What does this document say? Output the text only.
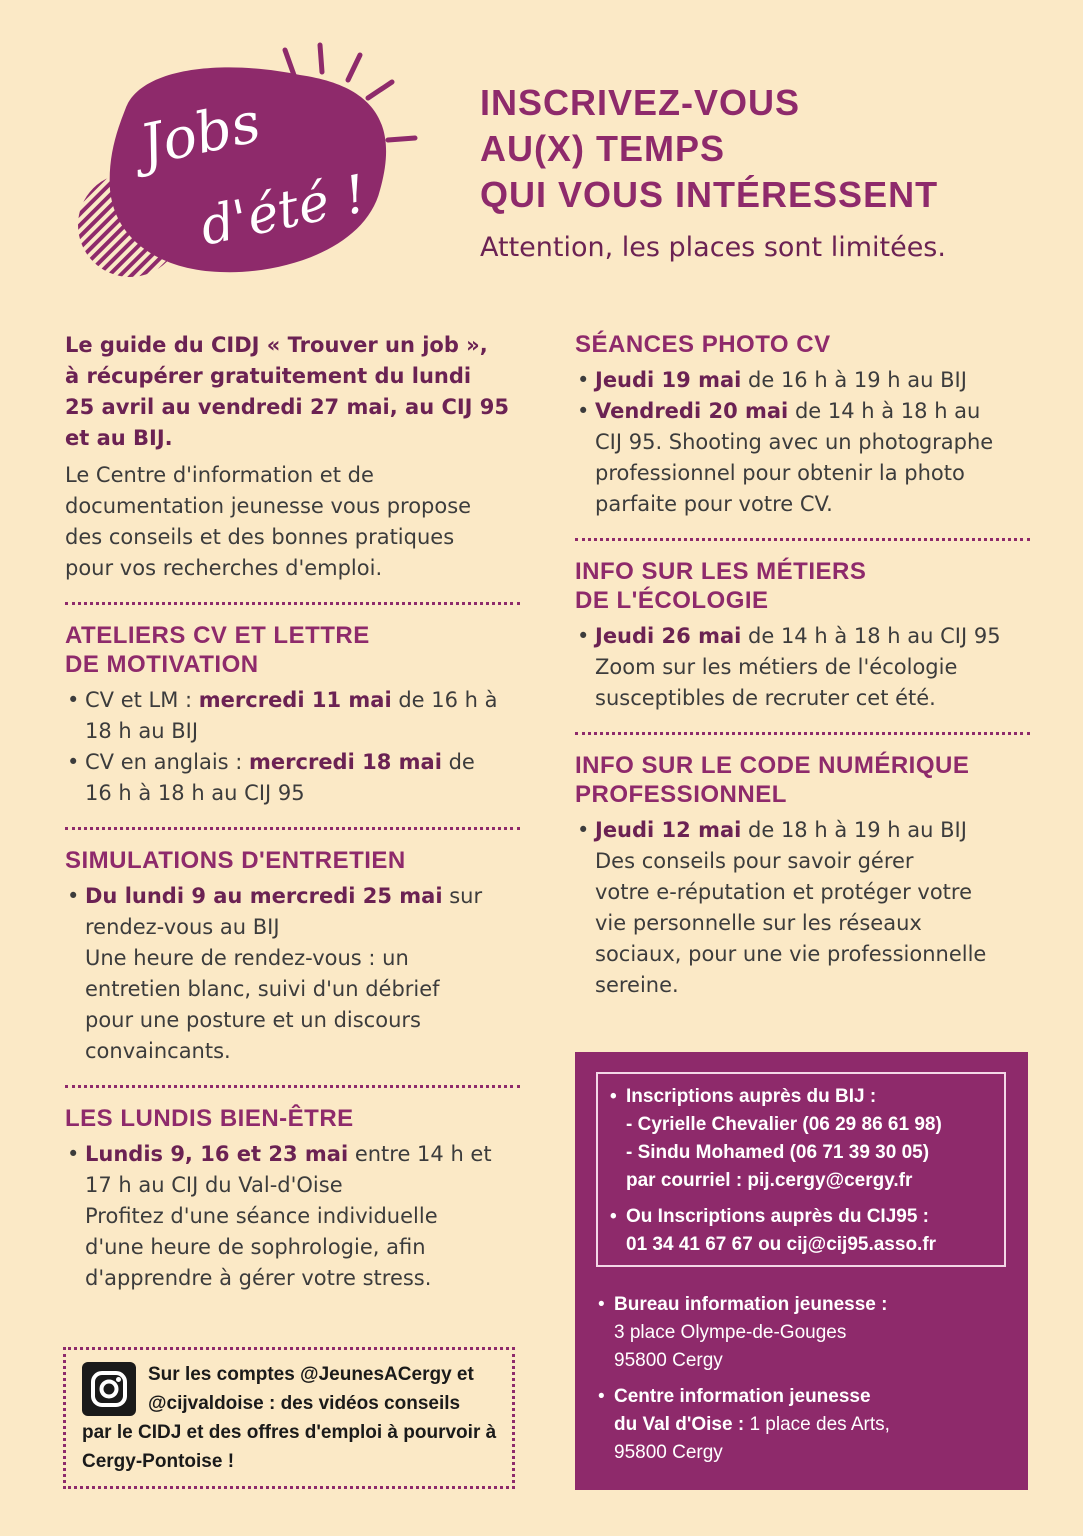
Jobs
d'été !
INSCRIVEZ-VOUS
AU(X) TEMPS
QUI VOUS INTÉRESSENT
Attention, les places sont limitées.
Le guide du CIDJ « Trouver un job »,
à récupérer gratuitement du lundi
25 avril au vendredi 27 mai, au CIJ 95
et au BIJ.
Le Centre d'information et de
documentation jeunesse vous propose
des conseils et des bonnes pratiques
pour vos recherches d'emploi.
ATELIERS CV ET LETTRE
DE MOTIVATION
• CV et LM : mercredi 11 mai de 16 h à
18 h au BIJ
• CV en anglais : mercredi 18 mai de
16 h à 18 h au CIJ 95
SIMULATIONS D'ENTRETIEN
• Du lundi 9 au mercredi 25 mai sur
rendez-vous au BIJ
Une heure de rendez-vous : un
entretien blanc, suivi d'un débrief
pour une posture et un discours
convaincants.
LES LUNDIS BIEN-ÊTRE
• Lundis 9, 16 et 23 mai entre 14 h et
17 h au CIJ du Val-d'Oise
Profitez d'une séance individuelle
d'une heure de sophrologie, afin
d'apprendre à gérer votre stress.
Sur les comptes @JeunesACergy et
@cijvaldoise : des vidéos conseils
par le CIDJ et des offres d'emploi à pourvoir à
Cergy-Pontoise !
SÉANCES PHOTO CV
• Jeudi 19 mai de 16 h à 19 h au BIJ
• Vendredi 20 mai de 14 h à 18 h au
CIJ 95. Shooting avec un photographe
professionnel pour obtenir la photo
parfaite pour votre CV.
INFO SUR LES MÉTIERS
DE L'ÉCOLOGIE
• Jeudi 26 mai de 14 h à 18 h au CIJ 95
Zoom sur les métiers de l'écologie
susceptibles de recruter cet été.
INFO SUR LE CODE NUMÉRIQUE
PROFESSIONNEL
• Jeudi 12 mai de 18 h à 19 h au BIJ
Des conseils pour savoir gérer
votre e-réputation et protéger votre
vie personnelle sur les réseaux
sociaux, pour une vie professionnelle
sereine.
• Inscriptions auprès du BIJ :
- Cyrielle Chevalier (06 29 86 61 98)
- Sindu Mohamed (06 71 39 30 05)
par courriel : pij.cergy@cergy.fr
• Ou Inscriptions auprès du CIJ95 :
01 34 41 67 67 ou cij@cij95.asso.fr
• Bureau information jeunesse :
3 place Olympe-de-Gouges
95800 Cergy
• Centre information jeunesse
du Val d'Oise : 1 place des Arts,
95800 Cergy
